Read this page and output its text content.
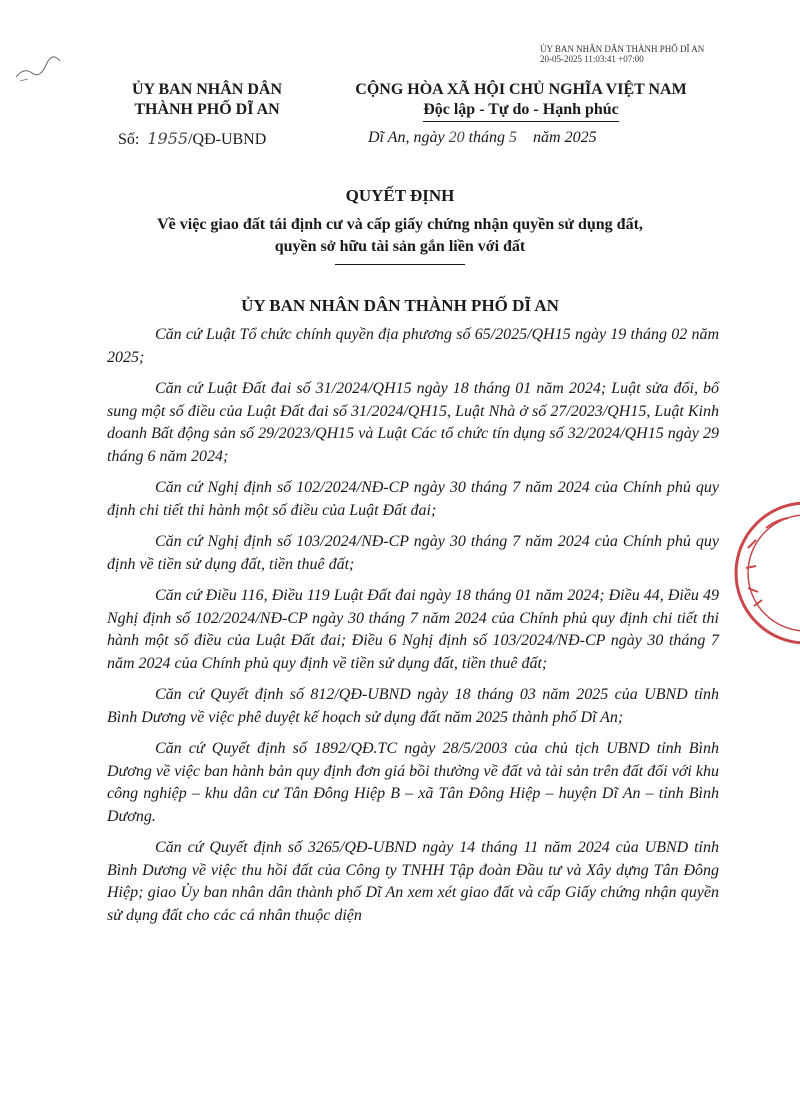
ỦY BAN NHÂN DÂN THÀNH PHỐ DĨ AN
20-05-2025 11:03:41 +07:00
ỦY BAN NHÂN DÂN
THÀNH PHỐ DĨ AN
CỘNG HÒA XÃ HỘI CHỦ NGHĨA VIỆT NAM
Độc lập - Tự do - Hạnh phúc
Số: 1955/QĐ-UBND	Dĩ An, ngày 20 tháng 5 năm 2025
QUYẾT ĐỊNH
Về việc giao đất tái định cư và cấp giấy chứng nhận quyền sử dụng đất,
quyền sở hữu tài sản gắn liền với đất
ỦY BAN NHÂN DÂN THÀNH PHỐ DĨ AN

Căn cứ Luật Tổ chức chính quyền địa phương số 65/2025/QH15 ngày 19 tháng 02 năm 2025;

Căn cứ Luật Đất đai số 31/2024/QH15 ngày 18 tháng 01 năm 2024; Luật sửa đổi, bổ sung một số điều của Luật Đất đai số 31/2024/QH15, Luật Nhà ở số 27/2023/QH15, Luật Kinh doanh Bất động sản số 29/2023/QH15 và Luật Các tổ chức tín dụng số 32/2024/QH15 ngày 29 tháng 6 năm 2024;

Căn cứ Nghị định số 102/2024/NĐ-CP ngày 30 tháng 7 năm 2024 của Chính phủ quy định chi tiết thi hành một số điều của Luật Đất đai;

Căn cứ Nghị định số 103/2024/NĐ-CP ngày 30 tháng 7 năm 2024 của Chính phủ quy định về tiền sử dụng đất, tiền thuê đất;

Căn cứ Điều 116, Điều 119 Luật Đất đai ngày 18 tháng 01 năm 2024; Điều 44, Điều 49 Nghị định số 102/2024/NĐ-CP ngày 30 tháng 7 năm 2024 của Chính phủ quy định chi tiết thi hành một số điều của Luật Đất đai; Điều 6 Nghị định số 103/2024/NĐ-CP ngày 30 tháng 7 năm 2024 của Chính phủ quy định về tiền sử dụng đất, tiền thuê đất;

Căn cứ Quyết định số 812/QĐ-UBND ngày 18 tháng 03 năm 2025 của UBND tỉnh Bình Dương về việc phê duyệt kế hoạch sử dụng đất năm 2025 thành phố Dĩ An;

Căn cứ Quyết định số 1892/QĐ.TC ngày 28/5/2003 của chủ tịch UBND tỉnh Bình Dương về việc ban hành bản quy định đơn giá bồi thường về đất và tài sản trên đất đối với khu công nghiệp – khu dân cư Tân Đông Hiệp B – xã Tân Đông Hiệp – huyện Dĩ An – tỉnh Bình Dương.

Căn cứ Quyết định số 3265/QĐ-UBND ngày 14 tháng 11 năm 2024 của UBND tỉnh Bình Dương về việc thu hồi đất của Công ty TNHH Tập đoàn Đầu tư và Xây dựng Tân Đông Hiệp; giao Ủy ban nhân dân thành phố Dĩ An xem xét giao đất và cấp Giấy chứng nhận quyền sử dụng đất cho các cá nhân thuộc diện
